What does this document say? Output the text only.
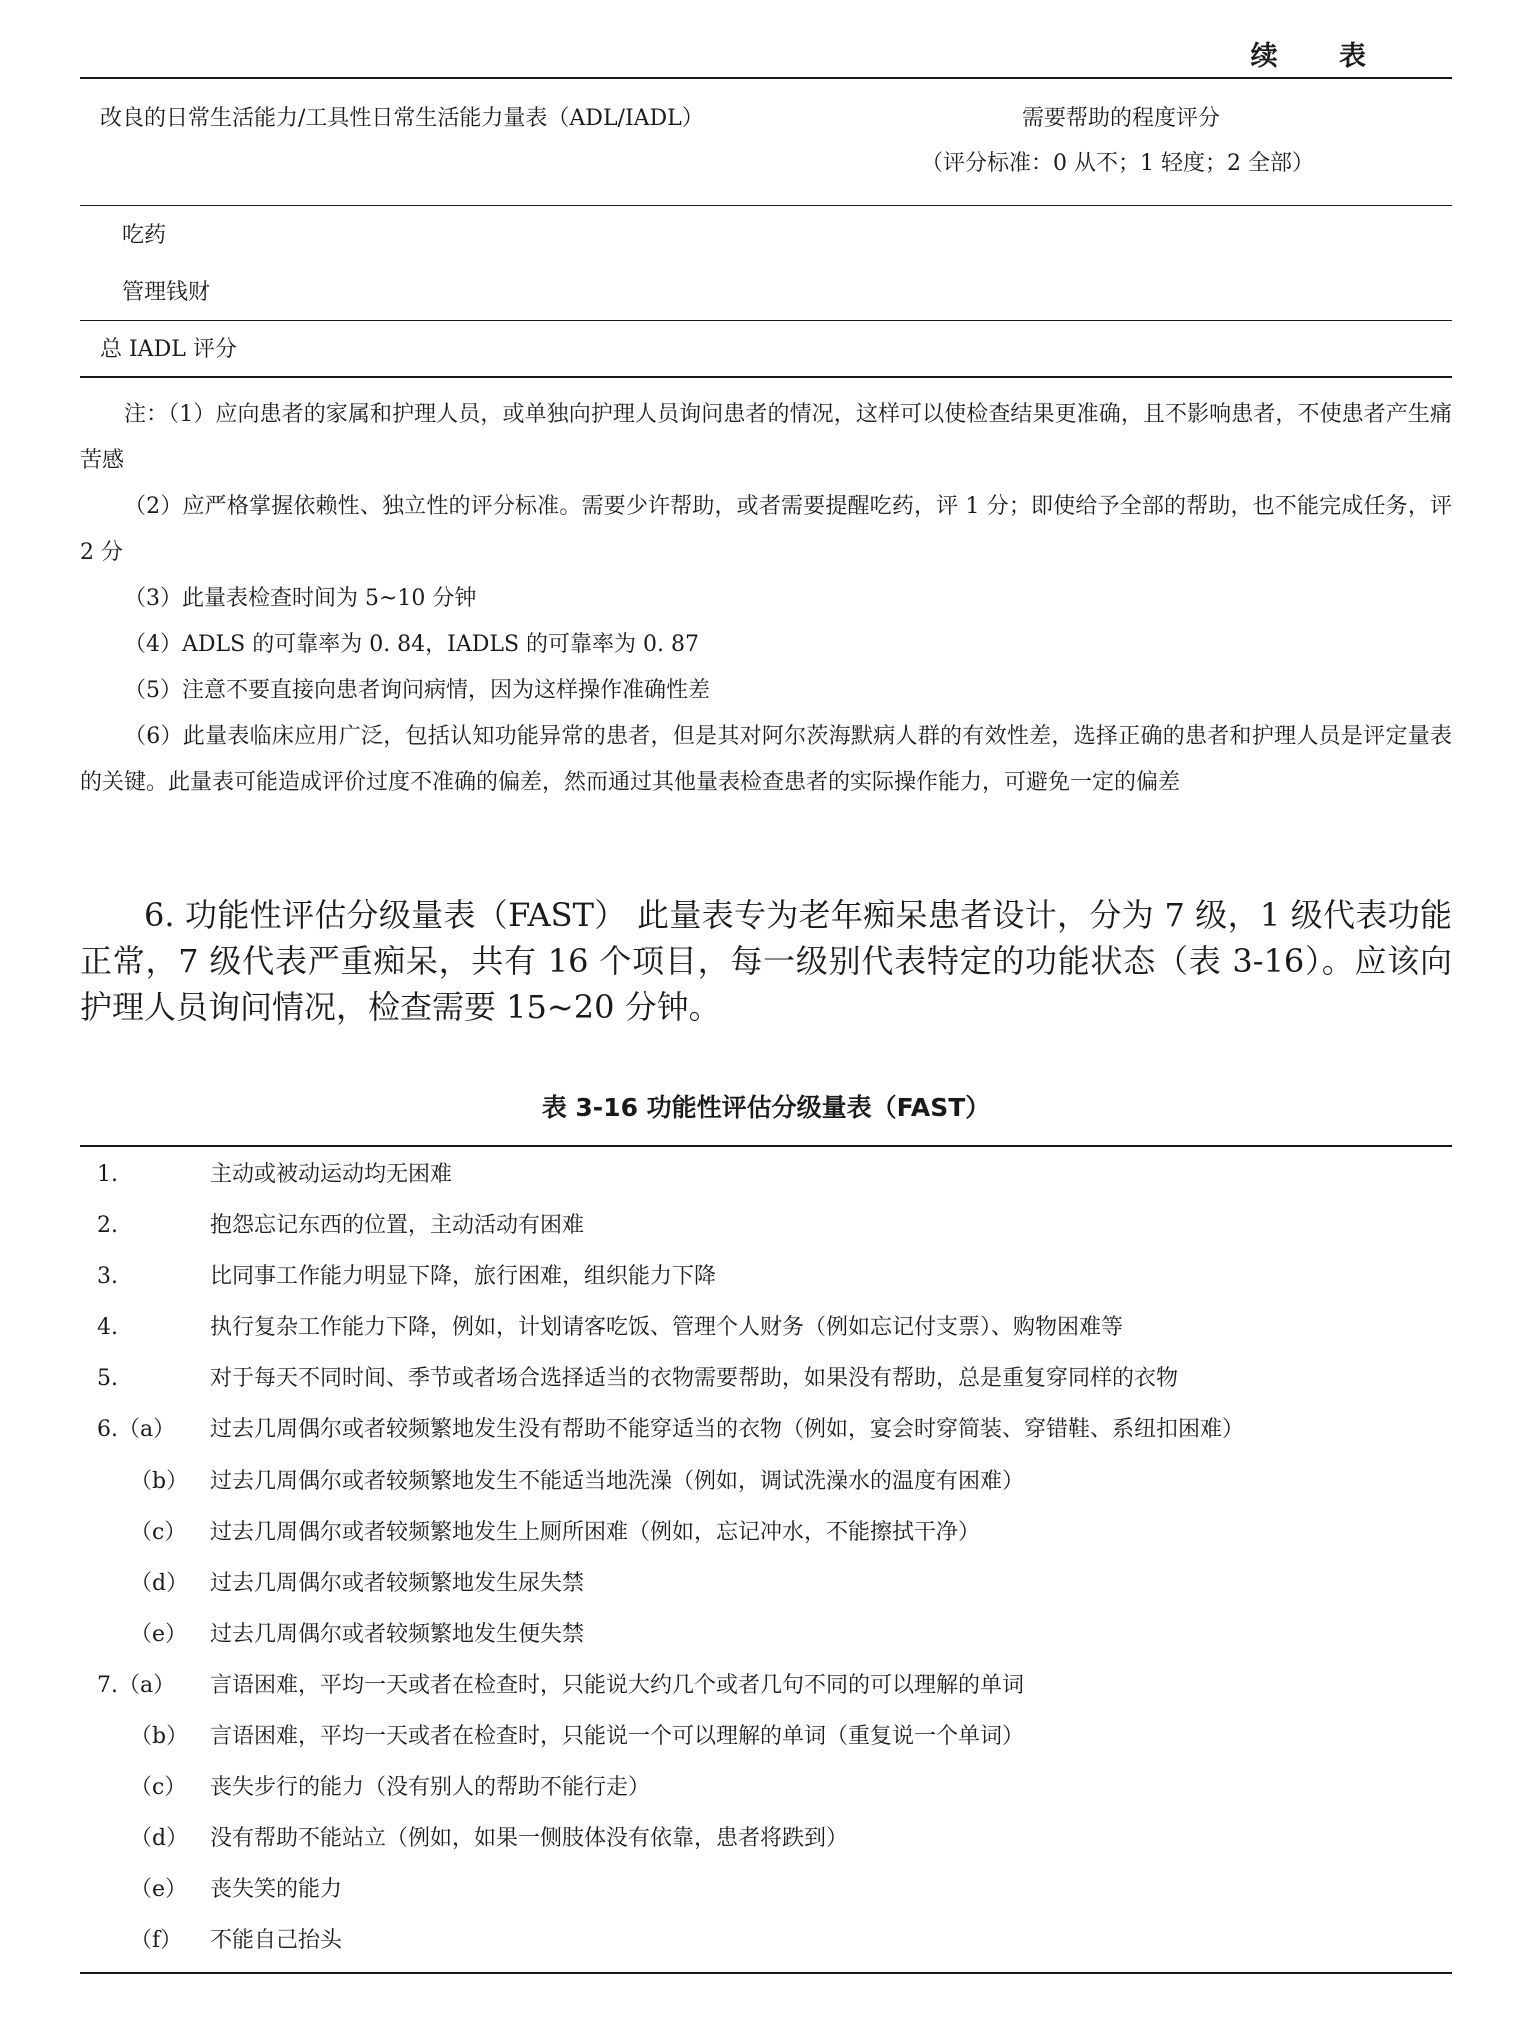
续 表
改良的日常生活能力/工具性日常生活能力量表（ADL/IADL）	需要帮助的程度评分
（评分标准：0 从不；1 轻度；2 全部）
吃药
管理钱财
总 IADL 评分

注：（1）应向患者的家属和护理人员，或单独向护理人员询问患者的情况，这样可以使检查结果更准确，且不影响患者，不使患者产生痛苦感

（2）应严格掌握依赖性、独立性的评分标准。需要少许帮助，或者需要提醒吃药，评 1 分；即使给予全部的帮助，也不能完成任务，评 2 分

（3）此量表检查时间为 5~10 分钟

（4）ADLS 的可靠率为 0. 84，IADLS 的可靠率为 0. 87

（5）注意不要直接向患者询问病情，因为这样操作准确性差

（6）此量表临床应用广泛，包括认知功能异常的患者，但是其对阿尔茨海默病人群的有效性差，选择正确的患者和护理人员是评定量表的关键。此量表可能造成评价过度不准确的偏差，然而通过其他量表检查患者的实际操作能力，可避免一定的偏差

6. 功能性评估分级量表（FAST） 此量表专为老年痴呆患者设计，分为 7 级，1 级代表功能正常，7 级代表严重痴呆，共有 16 个项目，每一级别代表特定的功能状态（表 3-16）。应该向护理人员询问情况，检查需要 15~20 分钟。

表 3-16 功能性评估分级量表（FAST）
1.	主动或被动运动均无困难
2.	抱怨忘记东西的位置，主动活动有困难
3.	比同事工作能力明显下降，旅行困难，组织能力下降
4.	执行复杂工作能力下降，例如，计划请客吃饭、管理个人财务（例如忘记付支票）、购物困难等
5.	对于每天不同时间、季节或者场合选择适当的衣物需要帮助，如果没有帮助，总是重复穿同样的衣物
6.（a） 过去几周偶尔或者较频繁地发生没有帮助不能穿适当的衣物（例如，宴会时穿简装、穿错鞋、系纽扣困难）
（b） 过去几周偶尔或者较频繁地发生不能适当地洗澡（例如，调试洗澡水的温度有困难）
（c） 过去几周偶尔或者较频繁地发生上厕所困难（例如，忘记冲水，不能擦拭干净）
（d） 过去几周偶尔或者较频繁地发生尿失禁
（e） 过去几周偶尔或者较频繁地发生便失禁
7.（a） 言语困难，平均一天或者在检查时，只能说大约几个或者几句不同的可以理解的单词
（b） 言语困难，平均一天或者在检查时，只能说一个可以理解的单词（重复说一个单词）
（c） 丧失步行的能力（没有别人的帮助不能行走）
（d） 没有帮助不能站立（例如，如果一侧肢体没有依靠，患者将跌到）
（e） 丧失笑的能力
（f） 不能自己抬头
